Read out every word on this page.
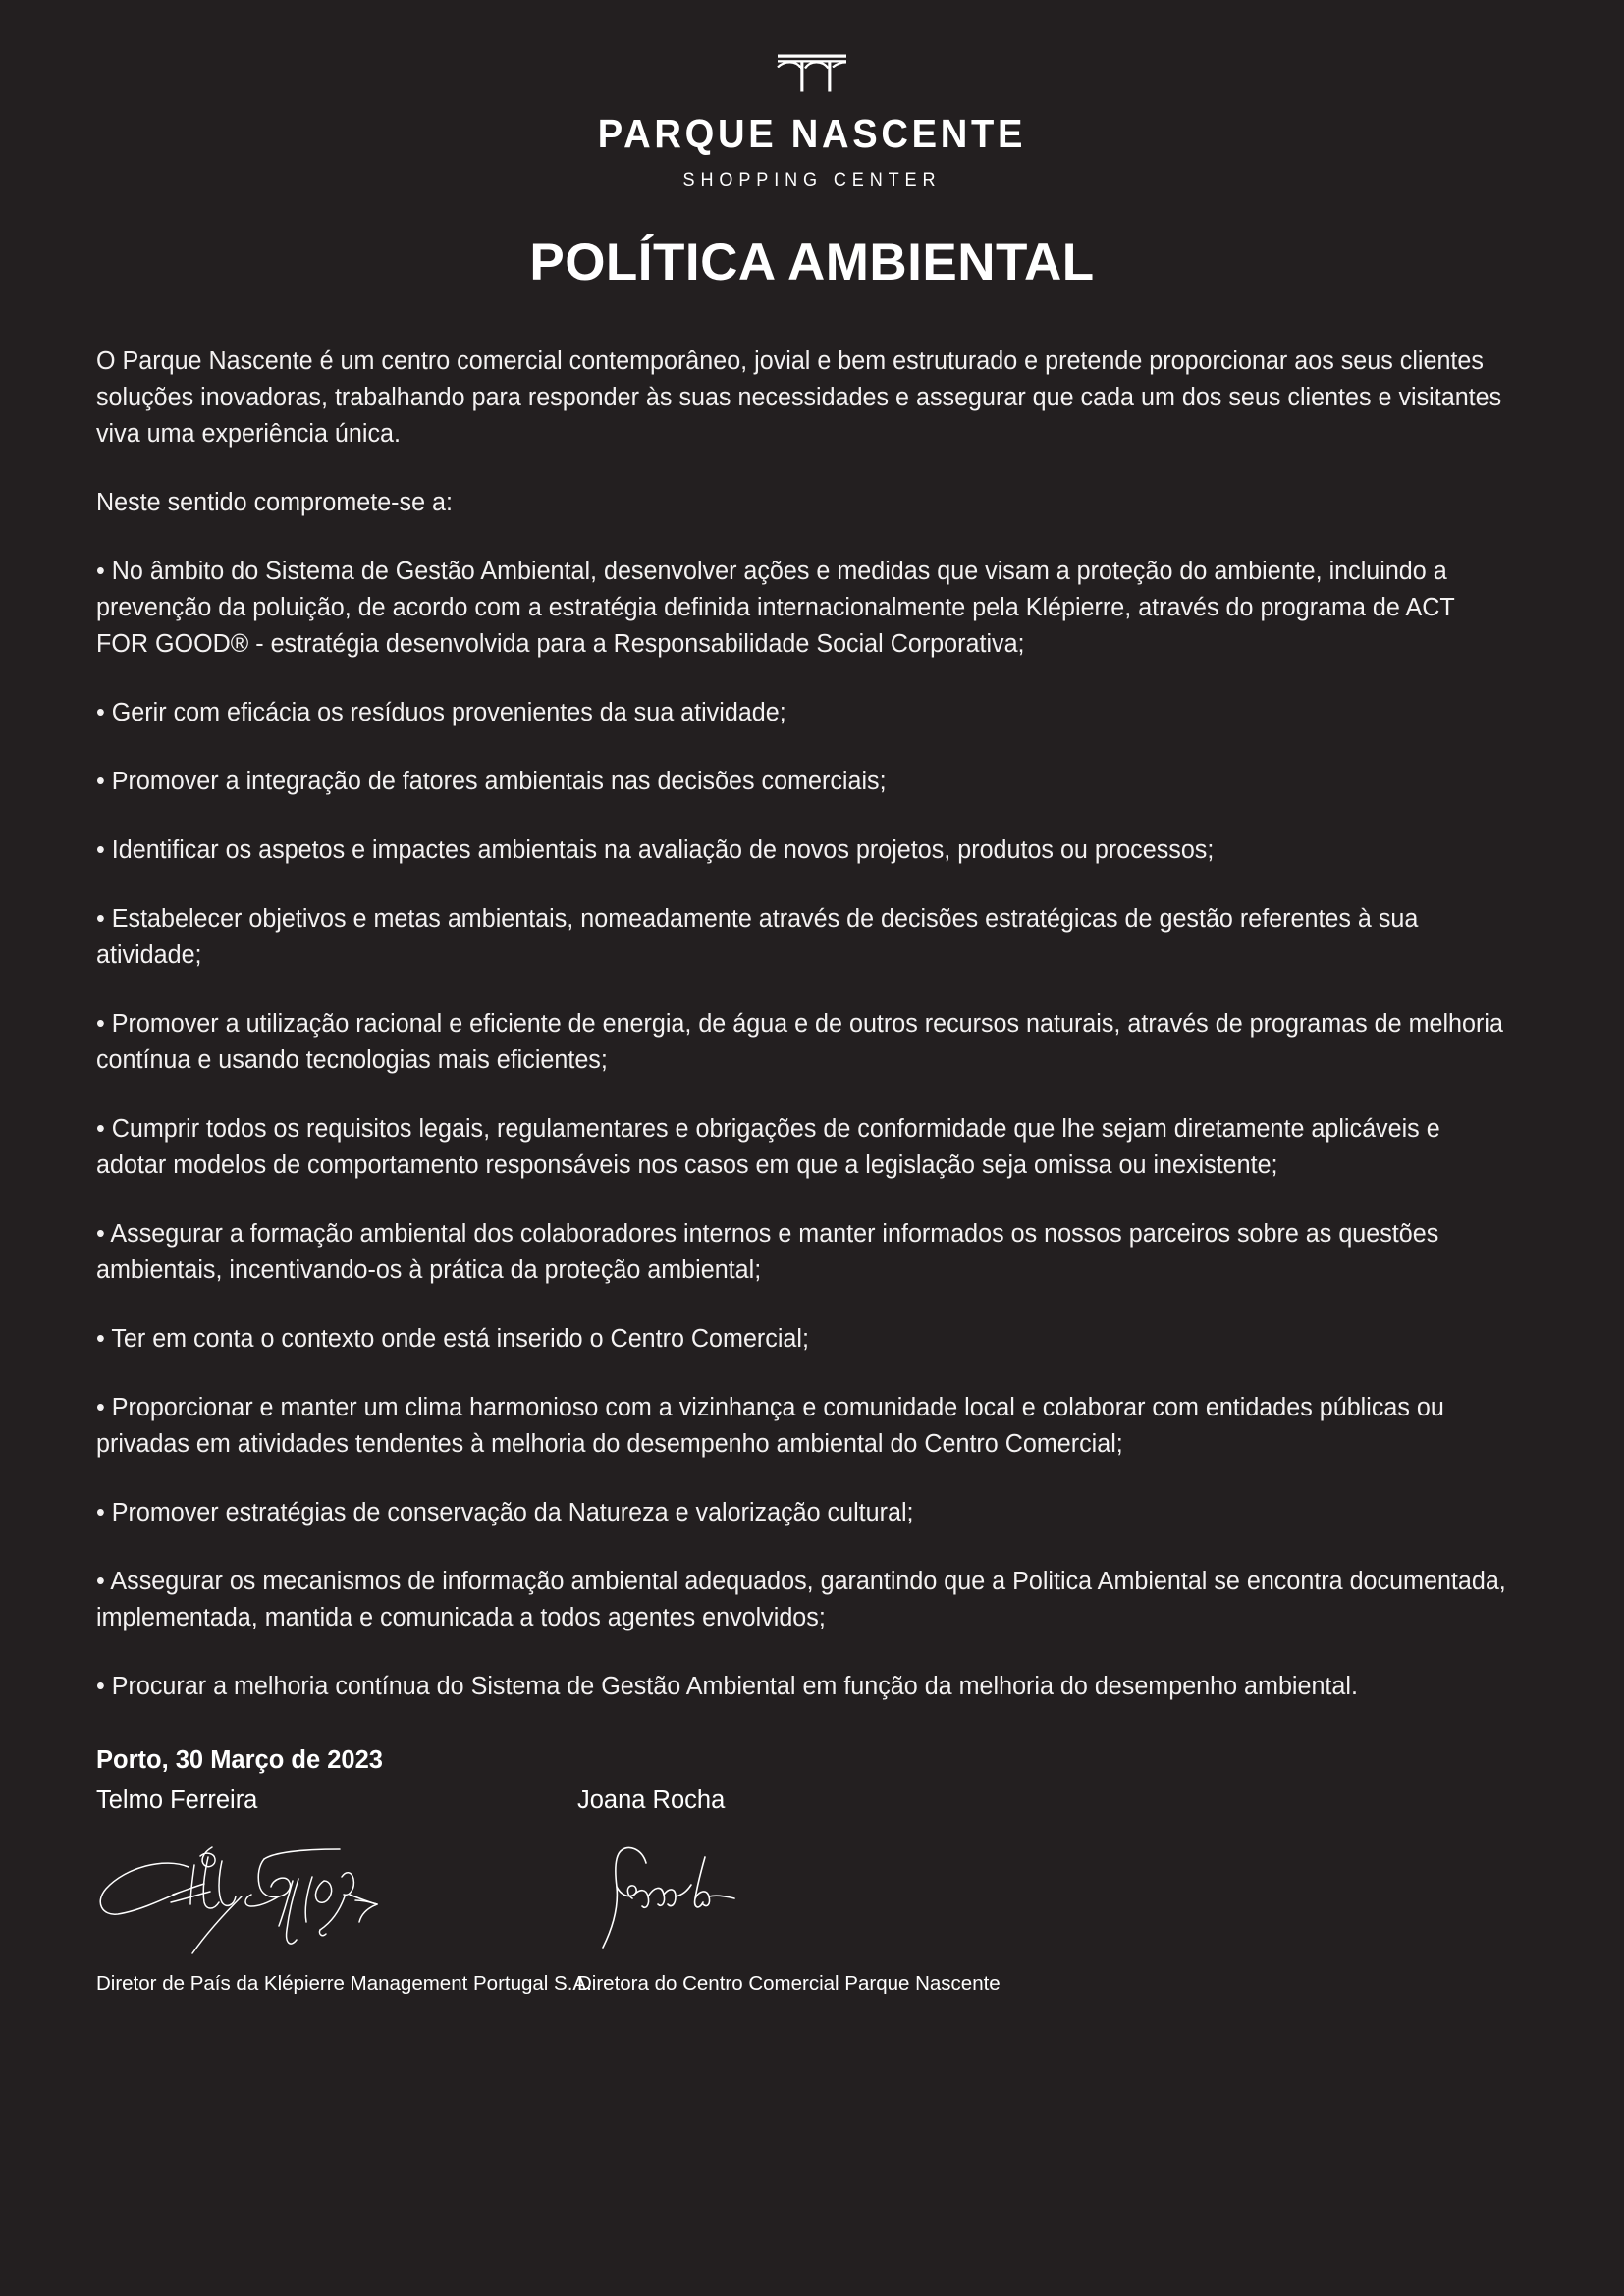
PARQUE NASCENTE
SHOPPING CENTER
POLÍTICA AMBIENTAL
O Parque Nascente é um centro comercial contemporâneo, jovial e bem estruturado e pretende proporcionar aos seus clientes soluções inovadoras, trabalhando para responder às suas necessidades e assegurar que cada um dos seus clientes e visitantes viva uma experiência única.
Neste sentido compromete-se a:
• No âmbito do Sistema de Gestão Ambiental, desenvolver ações e medidas que visam a proteção do ambiente, incluindo a prevenção da poluição, de acordo com a estratégia definida internacionalmente pela Klépierre, através do programa de ACT FOR GOOD® - estratégia desenvolvida para a Responsabilidade Social Corporativa;
• Gerir com eficácia os resíduos provenientes da sua atividade;
• Promover a integração de fatores ambientais nas decisões comerciais;
• Identificar os aspetos e impactes ambientais na avaliação de novos projetos, produtos ou processos;
• Estabelecer objetivos e metas ambientais, nomeadamente através de decisões estratégicas de gestão referentes à sua atividade;
• Promover a utilização racional e eficiente de energia, de água e de outros recursos naturais, através de programas de melhoria contínua e usando tecnologias mais eficientes;
• Cumprir todos os requisitos legais, regulamentares e obrigações de conformidade que lhe sejam diretamente aplicáveis e adotar modelos de comportamento responsáveis nos casos em que a legislação seja omissa ou inexistente;
• Assegurar a formação ambiental dos colaboradores internos e manter informados os nossos parceiros sobre as questões ambientais, incentivando-os à prática da proteção ambiental;
• Ter em conta o contexto onde está inserido o Centro Comercial;
• Proporcionar e manter um clima harmonioso com a vizinhança e comunidade local e colaborar com entidades públicas ou privadas em atividades tendentes à melhoria do desempenho ambiental do Centro Comercial;
• Promover estratégias de conservação da Natureza e valorização cultural;
• Assegurar os mecanismos de informação ambiental adequados, garantindo que a Politica Ambiental se encontra documentada, implementada, mantida e comunicada a todos agentes envolvidos;
• Procurar a melhoria contínua do Sistema de Gestão Ambiental em função da melhoria do desempenho ambiental.
Porto, 30 Março de 2023
Telmo Ferreira
Diretor de País da Klépierre Management Portugal S.A.
Joana Rocha
Diretora do Centro Comercial Parque Nascente
